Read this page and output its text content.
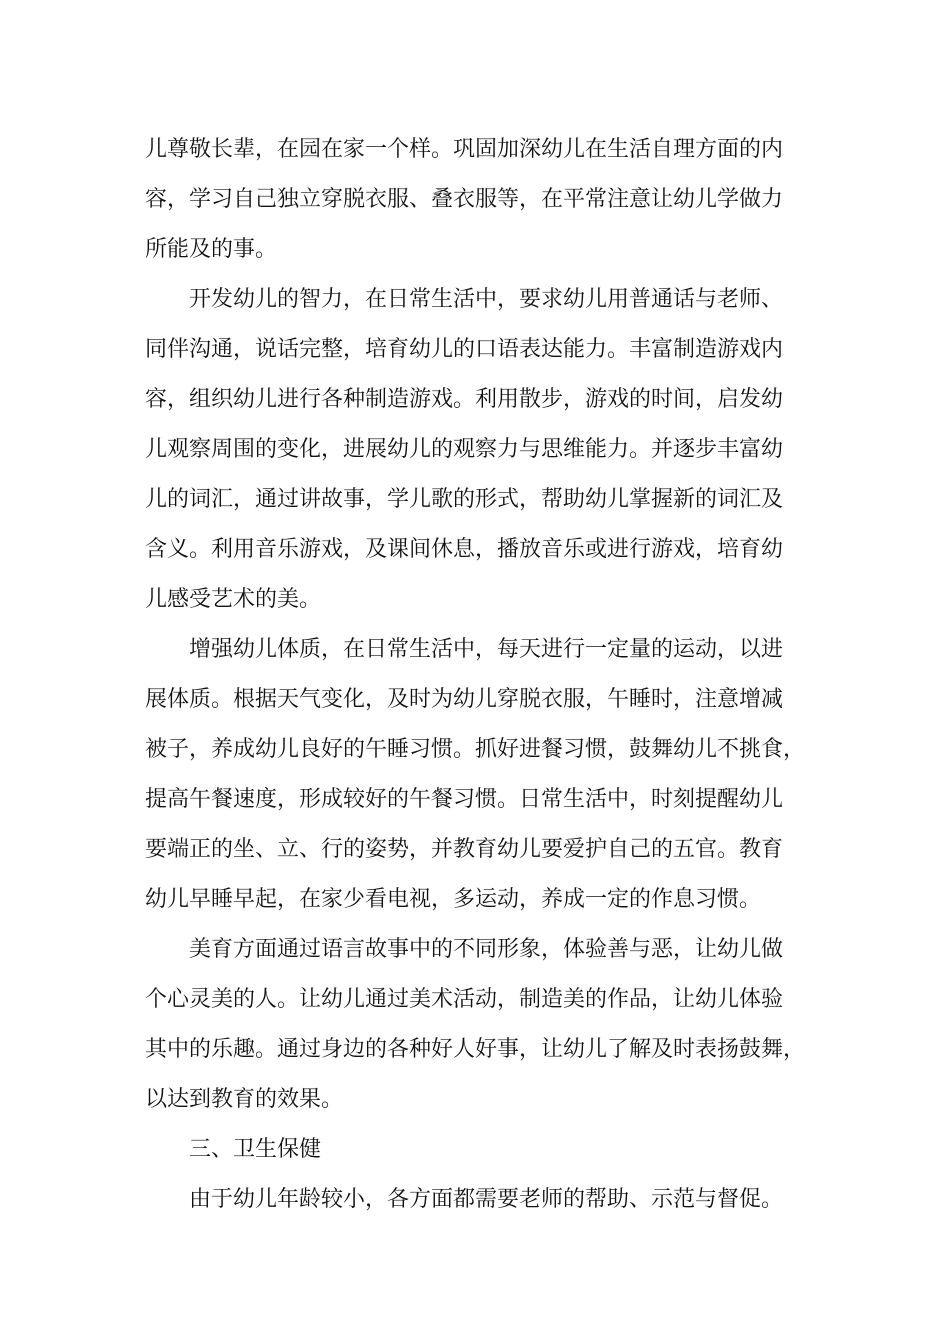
儿尊敬长辈，在园在家一个样。巩固加深幼儿在生活自理方面的内
容，学习自己独立穿脱衣服、叠衣服等，在平常注意让幼儿学做力
所能及的事。
开发幼儿的智力，在日常生活中，要求幼儿用普通话与老师、
同伴沟通，说话完整，培育幼儿的口语表达能力。丰富制造游戏内
容，组织幼儿进行各种制造游戏。利用散步，游戏的时间，启发幼
儿观察周围的变化，进展幼儿的观察力与思维能力。并逐步丰富幼
儿的词汇，通过讲故事，学儿歌的形式，帮助幼儿掌握新的词汇及
含义。利用音乐游戏，及课间休息，播放音乐或进行游戏，培育幼
儿感受艺术的美。
增强幼儿体质，在日常生活中，每天进行一定量的运动，以进
展体质。根据天气变化，及时为幼儿穿脱衣服，午睡时，注意增减
被子，养成幼儿良好的午睡习惯。抓好进餐习惯，鼓舞幼儿不挑食，
提高午餐速度，形成较好的午餐习惯。日常生活中，时刻提醒幼儿
要端正的坐、立、行的姿势，并教育幼儿要爱护自己的五官。教育
幼儿早睡早起，在家少看电视，多运动，养成一定的作息习惯。
美育方面通过语言故事中的不同形象，体验善与恶，让幼儿做
个心灵美的人。让幼儿通过美术活动，制造美的作品，让幼儿体验
其中的乐趣。通过身边的各种好人好事，让幼儿了解及时表扬鼓舞，
以达到教育的效果。
三、卫生保健
由于幼儿年龄较小，各方面都需要老师的帮助、示范与督促。
